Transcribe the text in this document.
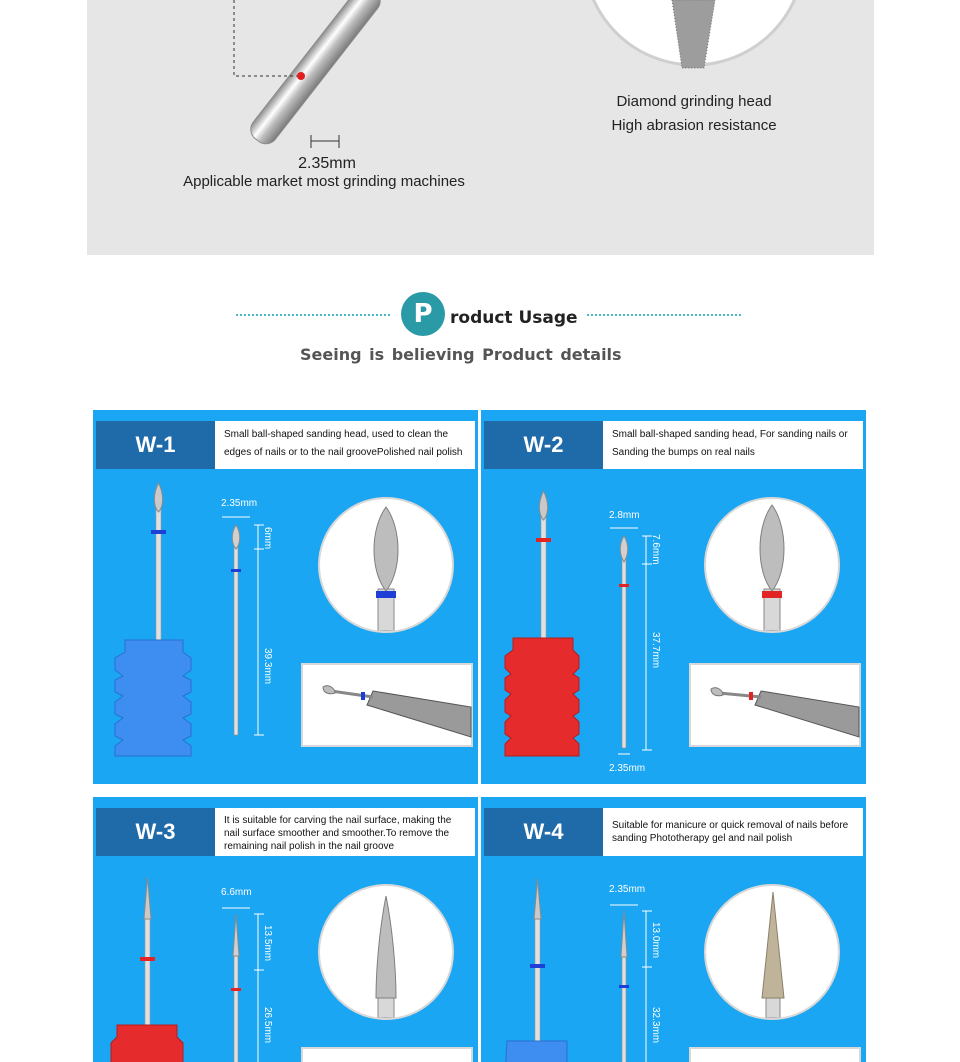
2.35mm
Applicable market most grinding machines
Diamond grinding head
High abrasion resistance
P	roduct Usage
Seeing is believing Product details
W-1	Small ball-shaped sanding head, used to clean the edges of nails or to the nail groovePolished nail polish
2.35mm
6mm
39.3mm
W-2	Small ball-shaped sanding head, For sanding nails or Sanding the bumps on real nails
2.8mm
7.6mm
37.7mm
2.35mm
W-3	It is suitable for carving the nail surface, making the nail surface smoother and smoother.To remove the remaining nail polish in the nail groove
6.6mm
13.5mm
26.5mm
W-4	Suitable for manicure or quick removal of nails before sanding Phototherapy gel and nail polish
2.35mm
13.0mm
32.3mm
